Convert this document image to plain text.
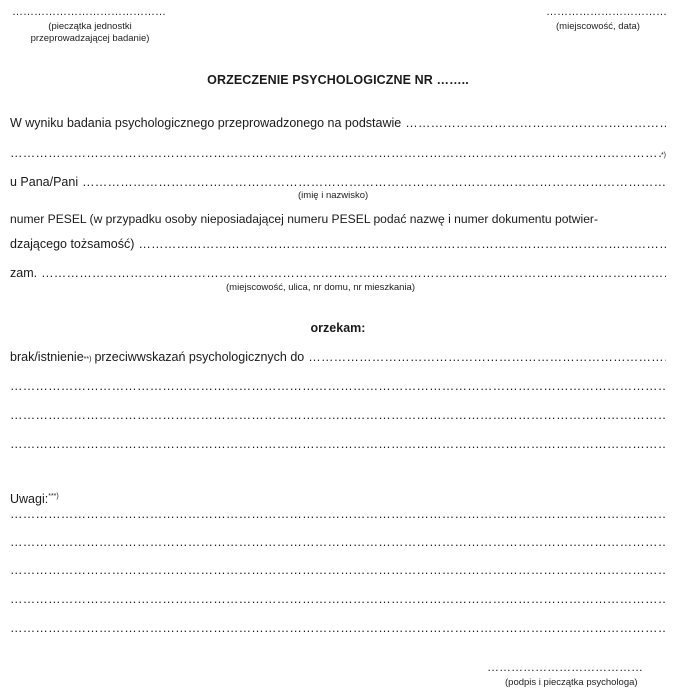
……………………………………
(pieczątka jednostki
przeprowadzającej badanie)
……………………………
(miejscowość, data)
ORZECZENIE PSYCHOLOGICZNE NR ……..
W wyniku badania psychologicznego przeprowadzonego na podstawie
……………………………………………………………………………………………………………………………………………………………………………………………………………………………………………………………………
……………………………………………………………………………………………………………………………………………………………………………………………………………………………………………………………………
*)
u Pana/Pani
……………………………………………………………………………………………………………………………………………………………………………………………………………………………………………………………………
(imię i nazwisko)
numer PESEL (w przypadku osoby nieposiadającej numeru PESEL podać nazwę i numer dokumentu potwier-
dzającego tożsamość)
……………………………………………………………………………………………………………………………………………………………………………………………………………………………………………………………………
zam.
……………………………………………………………………………………………………………………………………………………………………………………………………………………………………………………………………
(miejscowość, ulica, nr domu, nr mieszkania)
orzekam:
brak/istnienie **) przeciwwskazań psychologicznych do
……………………………………………………………………………………………………………………………………………………………………………………………………………………………………………………………………
……………………………………………………………………………………………………………………………………………………………………………………………………………………………………………………………………
……………………………………………………………………………………………………………………………………………………………………………………………………………………………………………………………………
……………………………………………………………………………………………………………………………………………………………………………………………………………………………………………………………………
Uwagi:***)
……………………………………………………………………………………………………………………………………………………………………………………………………………………………………………………………………
……………………………………………………………………………………………………………………………………………………………………………………………………………………………………………………………………
……………………………………………………………………………………………………………………………………………………………………………………………………………………………………………………………………
……………………………………………………………………………………………………………………………………………………………………………………………………………………………………………………………………
……………………………………………………………………………………………………………………………………………………………………………………………………………………………………………………………………
…………………………………
(podpis i pieczątka psychologa)
